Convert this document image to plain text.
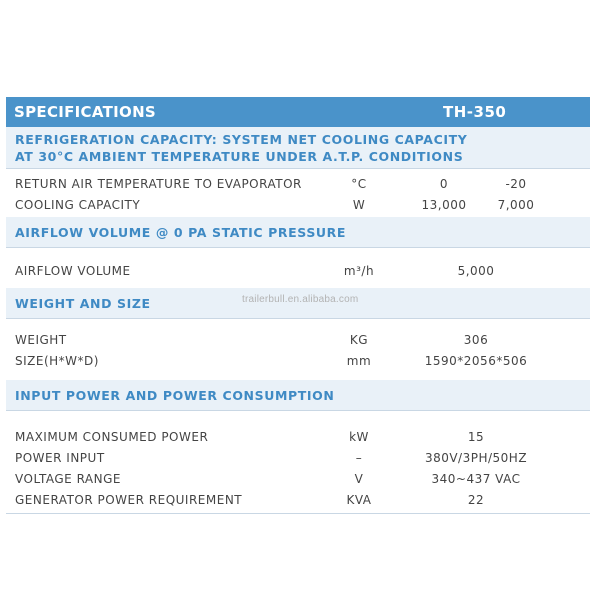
SPECIFICATIONS	TH-350
REFRIGERATION CAPACITY: SYSTEM NET COOLING CAPACITY
AT 30°C AMBIENT TEMPERATURE UNDER A.T.P. CONDITIONS
RETURN AIR TEMPERATURE TO EVAPORATOR	°C	0	-20
COOLING CAPACITY	W	13,000	7,000
AIRFLOW VOLUME @ 0 PA STATIC PRESSURE
AIRFLOW VOLUME	m³/h	5,000
WEIGHT AND SIZE
WEIGHT	KG	306
SIZE(H*W*D)	mm	1590*2056*506
INPUT POWER AND POWER CONSUMPTION
MAXIMUM CONSUMED POWER	kW	15
POWER INPUT	–	380V/3PH/50HZ
VOLTAGE RANGE	V	340~437 VAC
GENERATOR POWER REQUIREMENT	KVA	22
trailerbull.en.alibaba.com
